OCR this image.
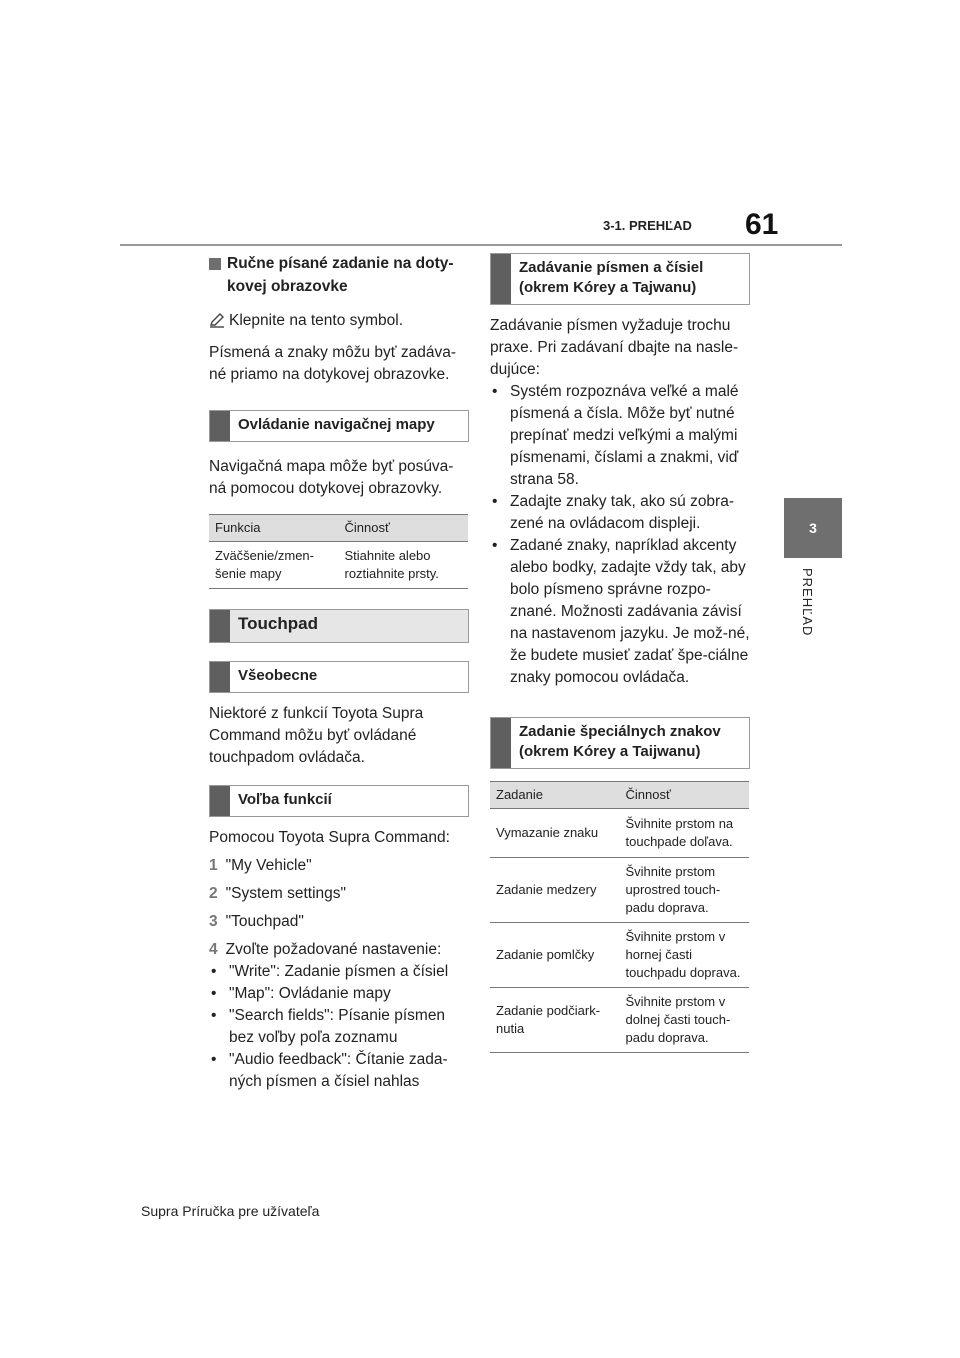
3-1. PREHĽAD 61
3
PREHĽAD
Ručne písané zadanie na doty-kovej obrazovke

Klepnite na tento symbol.

Písmená a znaky môžu byť zadáva-né priamo na dotykovej obrazovke.

Ovládanie navigačnej mapy

Navigačná mapa môže byť posúva-ná pomocou dotykovej obrazovky.

Funkcia	Činnosť
Zväčšenie/zmen-šenie mapy	Stiahnite alebo roztiahnite prsty.
Touchpad
Všeobecne

Niektoré z funkcií Toyota Supra Command môžu byť ovládané touchpadom ovládača.

Voľba funkcií

Pomocou Toyota Supra Command:

1 "My Vehicle"
2 "System settings"
3 "Touchpad"
4 Zvoľte požadované nastavenie:
• "Write": Zadanie písmen a čísiel
• "Map": Ovládanie mapy
• "Search fields": Písanie písmen bez voľby poľa zoznamu
• "Audio feedback": Čítanie zada-ných písmen a čísiel nahlas
Zadávanie písmen a čísiel (okrem Kórey a Tajwanu)

Zadávanie písmen vyžaduje trochu praxe. Pri zadávaní dbajte na nasle-dujúce:

• Systém rozpoznáva veľké a malé písmená a čísla. Môže byť nutné prepínať medzi veľkými a malými písmenami, číslami a znakmi, viď strana 58.
• Zadajte znaky tak, ako sú zobra-zené na ovládacom displeji.
• Zadané znaky, napríklad akcenty alebo bodky, zadajte vždy tak, aby bolo písmeno správne rozpo-znané. Možnosti zadávania závisí na nastavenom jazyku. Je mož-né, že budete musieť zadať špe-ciálne znaky pomocou ovládača.
Zadanie špeciálnych znakov (okrem Kórey a Taijwanu)
Zadanie	Činnosť
Vymazanie znaku	Švihnite prstom na touchpade doľava.
Zadanie medzery	Švihnite prstom uprostred touch-padu doprava.
Zadanie pomlčky	Švihnite prstom v hornej časti touchpadu doprava.
Zadanie podčiark-nutia	Švihnite prstom v dolnej časti touch-padu doprava.
Supra Príručka pre užívateľa
